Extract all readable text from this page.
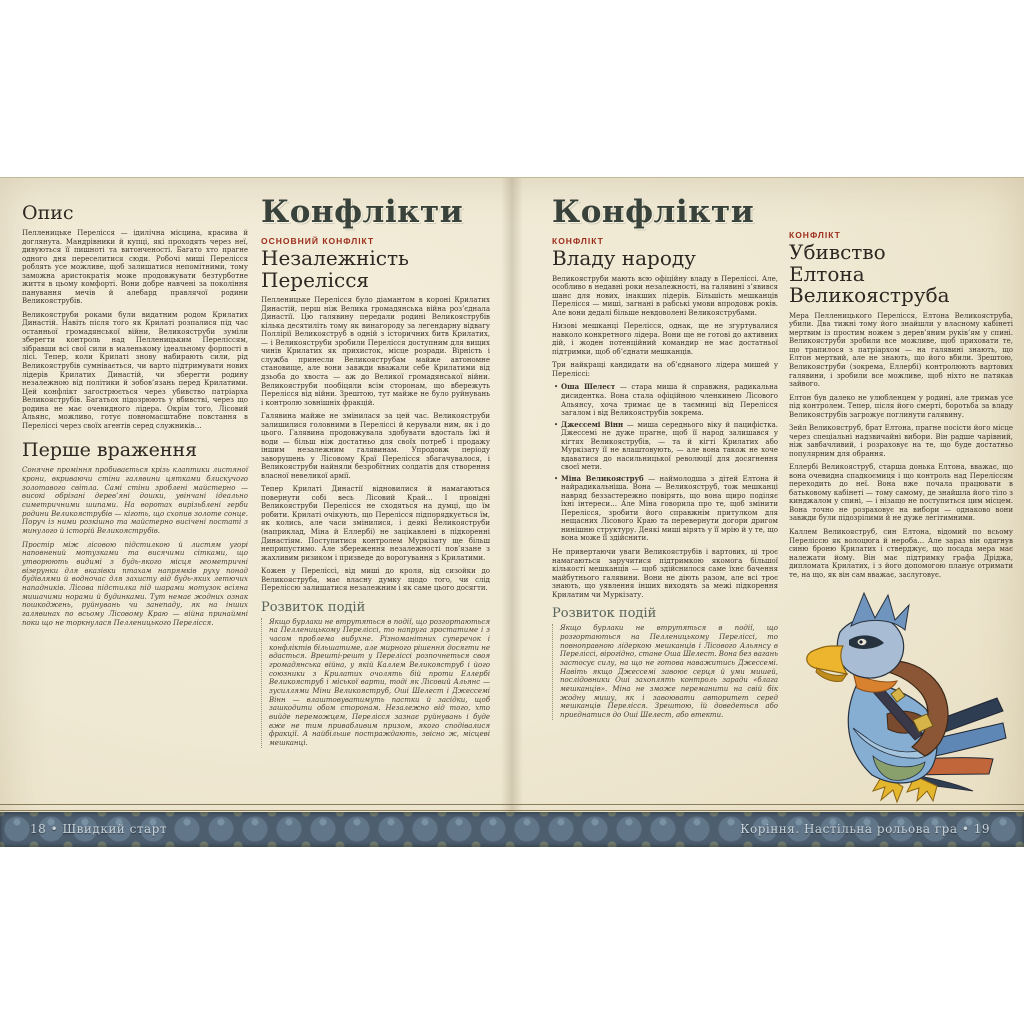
Опис

Пелленицьке Перелісся — ідилічна місцина, красива й доглянута. Мандрівники й купці, які проходять через неї, дивуються її пишноті та витонченості. Багато хто прагне одного дня переселитися сюди. Робочі миші Перелісся роблять усе можливе, щоб залишатися непомітними, тому заможна аристократія може продовжувати безтурботне життя в цьому комфорті. Вони добре навчені за покоління панування мечів й алебард правлячої родини Великояструбів.

Великояструби роками були видатним родом Крилатих Династій. Навіть після того як Крилаті розпалися під час останньої громадянської війни, Великояструби зуміли зберегти контроль над Пелленицьким Переліссям, зібравши всі свої сили в маленькому ідеальному форпості в лісі. Тепер, коли Крилаті знову набирають сили, рід Великояструбів сумнівається, чи варто підтримувати нових лідерів Крилатих Династій, чи зберегти родину незалежною від політики й зобов’язань перед Крилатими. Цей конфлікт загострюється через убивство патріарха Великояструбів. Багатьох підозрюють у вбивстві, через що родина не має очевидного лідера. Окрім того, Лісовий Альянс, можливо, готує повномасштабне повстання в Переліссі через своїх агентів серед служників…

Перше враження

Сонячне проміння пробивається крізь клаптики листяної крони, вкриваючи стіни галявини цятками блискучого золотавого світла. Самі стіни зроблені майстерно — високі обрізані дерев’яні дошки, увінчані ідеально симетричними шипами. На воротах вирізьблені герби родини Великояструбів — кіготь, що схопив золоте сонце. Поруч із ними розкішно та майстерно висічені постаті з минулого й історій Великояструбів.

Простір між лісовою підстилкою й листям угорі наповнений мотузками та висячими сітками, що утворюють видимі з будь-якого місця геометричні візерунки для вказівки птахам напрямків руху понад будівлями й водночас для захисту від будь-яких летючих нападників. Лісова підстилка під шарами мотузок всіяна мишачими норами й будинками. Тут немає жодних ознак пошкоджень, руйнувань чи занепаду, як на інших галявинах по всьому Лісовому Краю — війна принаймні поки що не торкнулася Пелленицького Перелісся.

Конфлікти
ОСНОВНИЙ КОНФЛІКТ
Незалежність Перелісся

Пелленицьке Перелісся було діамантом в короні Крилатих Династій, перш ніж Велика громадянська війна роз’єднала Династії. Цю галявину передали родині Великояструбів кілька десятиліть тому як винагороду за легендарну відвагу Поллірії Великояструб в одній з історичних битв Крилатих, — і Великояструби зробили Перелісся доступним для вищих чинів Крилатих як прихисток, місце розради. Вірність і служба принесли Великояструбам майже автономне становище, але вони завжди вважали себе Крилатими від дзьоба до хвоста — аж до Великої громадянської війни. Великояструби пообіцяли всім сторонам, що вбережуть Перелісся від війни. Зрештою, тут майже не було руйнувань і контролю зовнішніх фракцій.

Галявина майже не змінилася за цей час. Великояструби залишилися головними в Переліссі й керували ним, як і до цього. Галявина продовжувала здобувати вдосталь їжі й води — більш ніж достатньо для своїх потреб і продажу іншим незалежним галявинам. Упродовж періоду заворушень у Лісовому Краї Перелісся збагачувалося, і Великояструби найняли безробітних солдатів для створення власної невеликої армії.

Тепер Крилаті Династії відновилися й намагаються повернути собі весь Лісовий Край… І провідні Великояструби Перелісся не сходяться на думці, що їм робити. Крилаті очікують, що Перелісся підпорядкується їм, як колись, але часи змінилися, і деякі Великояструби (наприклад, Міна й Еллербі) не зацікавлені в підкоренні Династіям. Поступитися контролем Муркізату ще більш неприпустимо. Але збереження незалежності пов’язане з жахливим ризиком і призведе до ворогування з Крилатими.

Кожен у Переліссі, від миші до кроля, від сизойки до Великояструба, має власну думку щодо того, чи слід Переліссю залишатися незалежним і як саме цього досягти.

Розвиток подій

Якщо бурлаки не втрутяться в події, що розгортаються на Пелленицькому Переліссі, то напруга зростатиме і з часом проблема вибухне. Різноманітних суперечок і конфліктів більшатиме, але мирного рішення досягти не вдасться. Врешті-решт у Переліссі розпочнеться своя громадянська війна, у якій Каллем Великояструб і його союзники з Крилатих очолять бій проти Еллербі Великояструб і міської варти, тоді як Лісовий Альянс — зусиллями Міни Великояструб, Оші Шелест і Джессемі Вінн — влаштовуватимуть пастки й засідки, щоб зашкодити обом сторонам. Незалежно від того, хто вийде переможцем, Перелісся зазнає руйнувань і буде вже не тим привабливим призом, якого сподівалися фракції. А найбільше постраждають, звісно ж, місцеві мешканці.

Конфлікти
КОНФЛІКТ
Владу народу

Великояструби мають всю офіційну владу в Переліссі. Але, особливо в недавні роки незалежності, на галявині з’явився шанс для нових, інакших лідерів. Більшість мешканців Перелісся — миші, загнані в рабські умови впродовж років. Але вони дедалі більше невдоволені Великояструбами.

Низові мешканці Перелісся, однак, ще не згуртувалися навколо конкретного лідера. Вони ще не готові до активних дій, і жоден потенційний командир не має достатньої підтримки, щоб об’єднати мешканців.

Три найкращі кандидати на об’єднаного лідера мишей у Переліссі:

• Оша Шелест — стара миша й справжня, радикальна дисидентка. Вона стала офіційною членкинею Лісового Альянсу, хоча тримає це в таємниці від Перелісся загалом і від Великояструбів зокрема.
• Джессемі Вінн — миша середнього віку й пацифістка. Джессемі не дуже прагне, щоб її народ залишався у кігтях Великояструбів, — та й кігті Крилатих або Муркізату її не влаштовують, — але вона також не хоче вдаватися до насильницької революції для досягнення своєї мети.
• Міна Великояструб — наймолодша з дітей Елтона й найрадикальніша. Вона — Великояструб, тож мешканці навряд беззастережно повірять, що вона щиро поділяє їхні інтереси… Але Міна говорила про те, щоб змінити Перелісся, зробити його справжнім притулком для нещасних Лісового Краю та перевернути догори дригом нинішню структуру. Деякі миші вірять у її мрію й у те, що вона може її здійснити.

Не привертаючи уваги Великояструбів і вартових, ці троє намагаються заручитися підтримкою якомога більшої кількості мешканців — щоб здійснилося саме їхнє бачення майбутнього галявини. Вони не діють разом, але всі троє знають, що уявлення інших виходять за межі підкорення Крилатим чи Муркізату.

Розвиток подій

Якщо бурлаки не втрутяться в події, що розгортаються на Пелленицькому Переліссі, то повноправною лідеркою мешканців і Лісового Альянсу в Переліссі, вірогідно, стане Оша Шелест. Вона без вагань застосує силу, на що не готова наважитись Джессемі. Навіть якщо Джессемі завоює серця й уми мишей, послідовники Оші захоплять контроль заради «блага мешканців». Міна не зможе переманити на свій бік жодну мишу, як і завоювати авторитет серед мешканців Перелісся. Зрештою, їй доведеться або приєднатися до Оші Шелест, або втекти.

КОНФЛІКТ
Убивство
Елтона Великояструба

Мера Пелленицького Перелісся, Елтона Великояструба, убили. Два тижні тому його знайшли у власному кабінеті мертвим із простим ножем з дерев’яним руків’ям у спині. Великояструби зробили все можливе, щоб приховати те, що трапилося з патріархом — на галявині знають, що Елтон мертвий, але не знають, що його вбили. Зрештою, Великояструби (зокрема, Еллербі) контролюють вартових галявини, і зробили все можливе, щоб ніхто не патякав зайвого.

Елтон був далеко не улюбленцем у родині, але тримав усе під контролем. Тепер, після його смерті, боротьба за владу Великояструбів загрожує поглинути галявину.

Зейл Великояструб, брат Елтона, прагне посісти його місце через спеціальні надзвичайні вибори. Він радше чарівний, ніж завбачливий, і розраховує на те, що буде достатньо популярним для обрання.

Еллербі Великояструб, старша донька Елтона, вважає, що вона очевидна спадкоємиця і що контроль над Переліссям переходить до неї. Вона вже почала працювати в батьковому кабінеті — тому самому, де знайшла його тіло з кинджалом у спині, — і нізащо не поступиться цим місцем. Вона точно не розраховує на вибори — однаково вони завжди були підозрілими й не дуже легітимними.

Каллем Великояструб, син Елтона, відомий по всьому Переліссю як волоцюга й нероба… Але зараз він одягнув синю броню Крилатих і стверджує, що посада мера має належати йому. Він має підтримку графа Дріджа, дипломата Крилатих, і з його допомогою планує отримати те, на що, як він сам вважає, заслуговує.

18 • Швидкий старт	Коріння. Настільна рольова гра • 19
